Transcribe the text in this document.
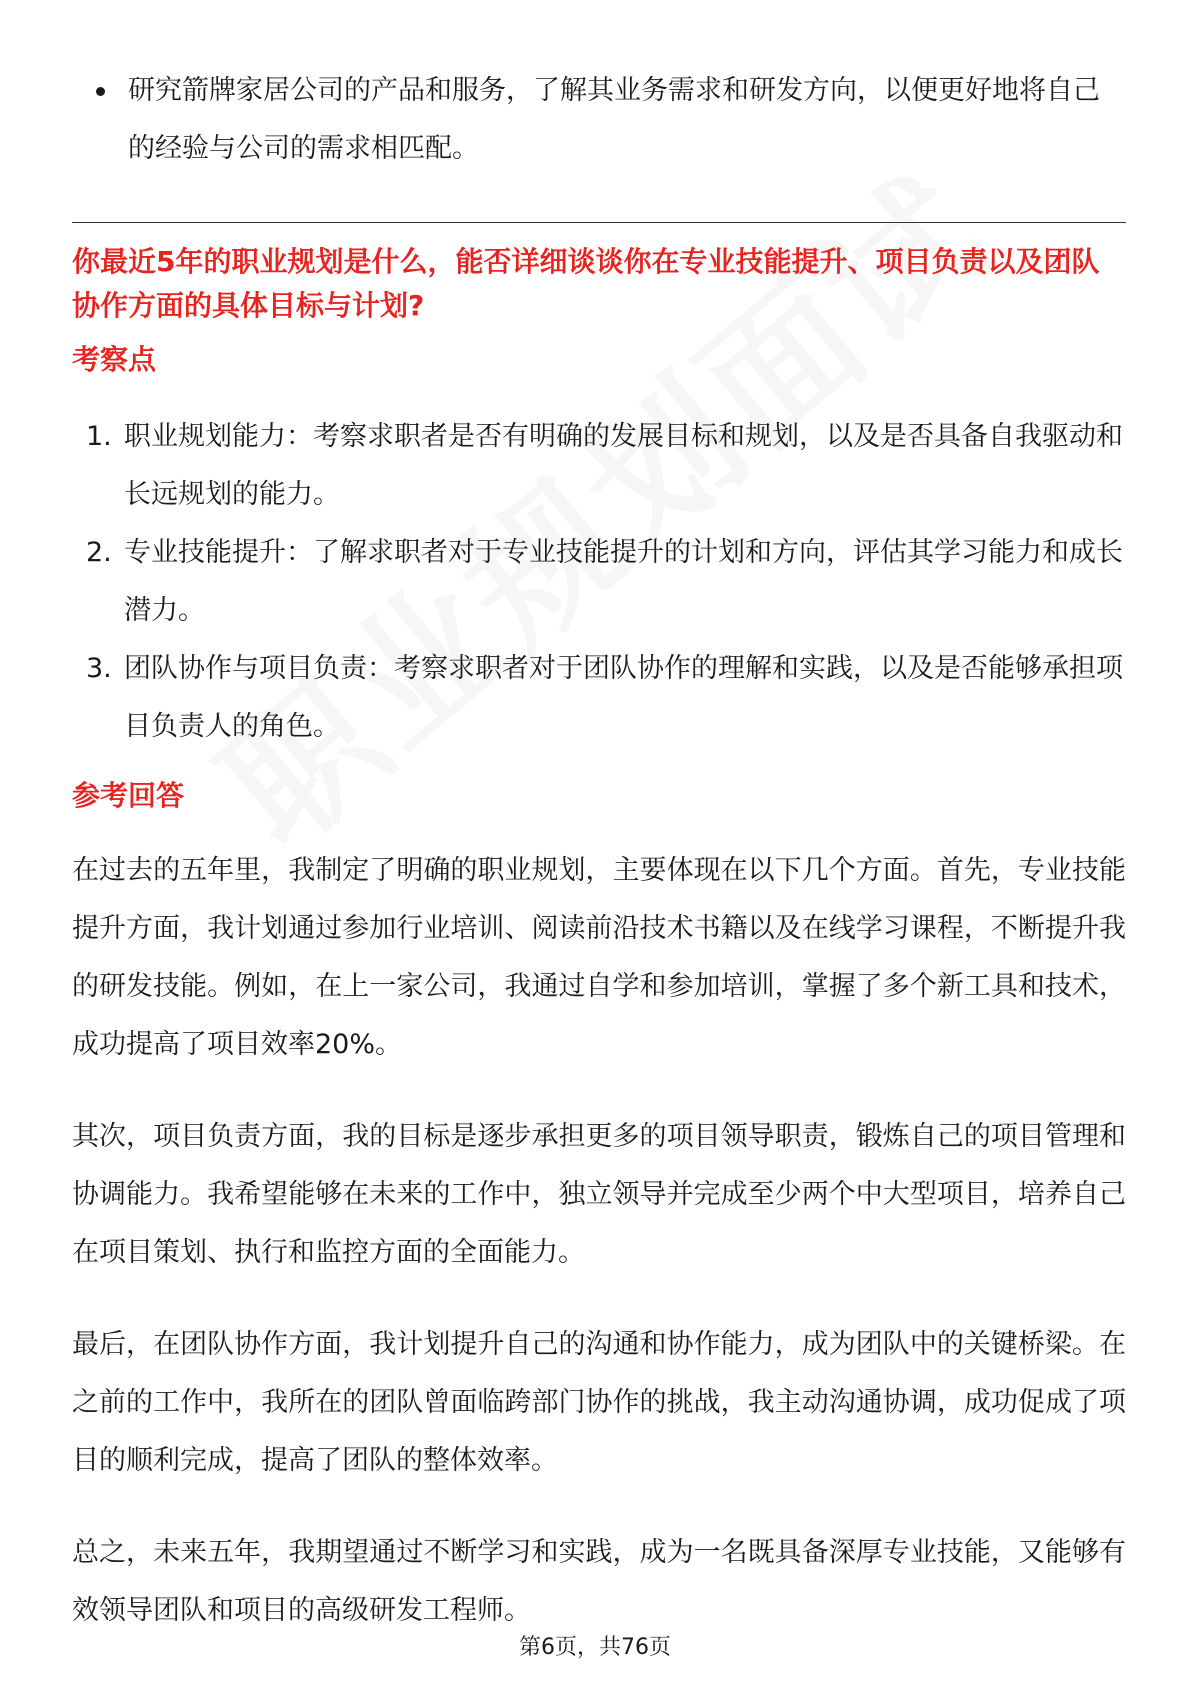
研究箭牌家居公司的产品和服务，了解其业务需求和研发方向，以便更好地将自己的经验与公司的需求相匹配。
你最近5年的职业规划是什么，能否详细谈谈你在专业技能提升、项目负责以及团队协作方面的具体目标与计划?
考察点
1. 职业规划能力：考察求职者是否有明确的发展目标和规划，以及是否具备自我驱动和长远规划的能力。
2. 专业技能提升：了解求职者对于专业技能提升的计划和方向，评估其学习能力和成长潜力。
3. 团队协作与项目负责：考察求职者对于团队协作的理解和实践，以及是否能够承担项目负责人的角色。
参考回答
在过去的五年里，我制定了明确的职业规划，主要体现在以下几个方面。首先，专业技能提升方面，我计划通过参加行业培训、阅读前沿技术书籍以及在线学习课程，不断提升我的研发技能。例如，在上一家公司，我通过自学和参加培训，掌握了多个新工具和技术，成功提高了项目效率20%。
其次，项目负责方面，我的目标是逐步承担更多的项目领导职责，锻炼自己的项目管理和协调能力。我希望能够在未来的工作中，独立领导并完成至少两个中大型项目，培养自己在项目策划、执行和监控方面的全面能力。
最后，在团队协作方面，我计划提升自己的沟通和协作能力，成为团队中的关键桥梁。在之前的工作中，我所在的团队曾面临跨部门协作的挑战，我主动沟通协调，成功促成了项目的顺利完成，提高了团队的整体效率。
总之，未来五年，我期望通过不断学习和实践，成为一名既具备深厚专业技能，又能够有效领导团队和项目的高级研发工程师。
第6页，共76页
